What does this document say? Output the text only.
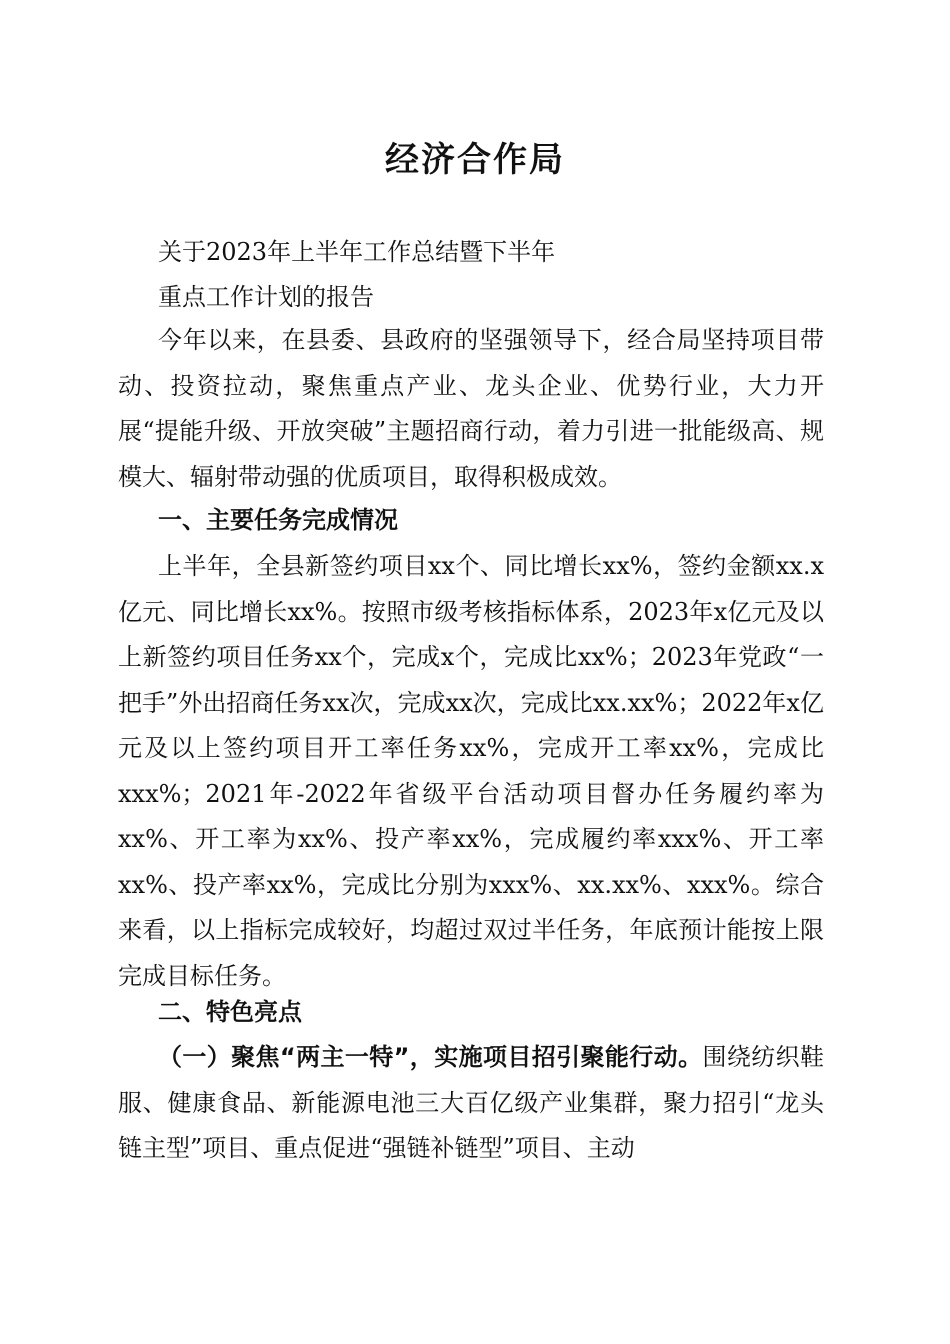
经济合作局
关于2023年上半年工作总结暨下半年
重点工作计划的报告
今年以来，在县委、县政府的坚强领导下，经合局坚持项目带动、投资拉动，聚焦重点产业、龙头企业、优势行业，大力开展“提能升级、开放突破”主题招商行动，着力引进一批能级高、规模大、辐射带动强的优质项目，取得积极成效。
一、主要任务完成情况
上半年，全县新签约项目xx个、同比增长xx%，签约金额xx.x亿元、同比增长xx%。按照市级考核指标体系，2023年x亿元及以上新签约项目任务xx个，完成x个，完成比xx%；2023年党政“一把手”外出招商任务xx次，完成xx次，完成比xx.xx%；2022年x亿元及以上签约项目开工率任务xx%，完成开工率xx%，完成比xxx%；2021年-2022年省级平台活动项目督办任务履约率为xx%、开工率为xx%、投产率xx%，完成履约率xxx%、开工率xx%、投产率xx%，完成比分别为xxx%、xx.xx%、xxx%。综合来看，以上指标完成较好，均超过双过半任务，年底预计能按上限完成目标任务。
二、特色亮点
（一）聚焦“两主一特”，实施项目招引聚能行动。围绕纺织鞋服、健康食品、新能源电池三大百亿级产业集群，聚力招引“龙头链主型”项目、重点促进“强链补链型”项目、主动
